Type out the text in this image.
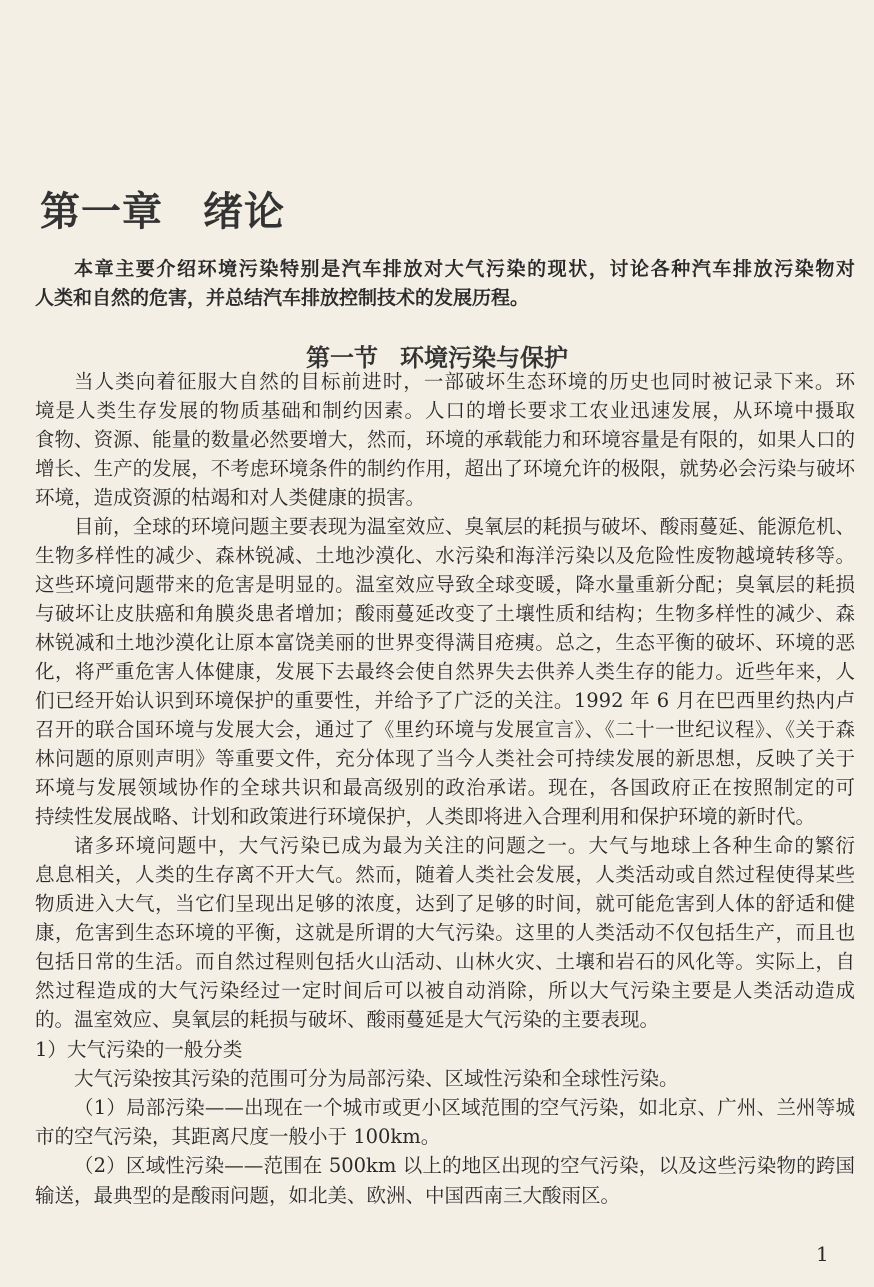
第一章 绪论
本章主要介绍环境污染特别是汽车排放对大气污染的现状，讨论各种汽车排放污染物对
人类和自然的危害，并总结汽车排放控制技术的发展历程。
第一节 环境污染与保护
当人类向着征服大自然的目标前进时，一部破坏生态环境的历史也同时被记录下来。环
境是人类生存发展的物质基础和制约因素。人口的增长要求工农业迅速发展，从环境中摄取
食物、资源、能量的数量必然要增大，然而，环境的承载能力和环境容量是有限的，如果人口的
增长、生产的发展，不考虑环境条件的制约作用，超出了环境允许的极限，就势必会污染与破坏
环境，造成资源的枯竭和对人类健康的损害。
目前，全球的环境问题主要表现为温室效应、臭氧层的耗损与破坏、酸雨蔓延、能源危机、
生物多样性的减少、森林锐减、土地沙漠化、水污染和海洋污染以及危险性废物越境转移等。
这些环境问题带来的危害是明显的。温室效应导致全球变暖，降水量重新分配；臭氧层的耗损
与破坏让皮肤癌和角膜炎患者增加；酸雨蔓延改变了土壤性质和结构；生物多样性的减少、森
林锐减和土地沙漠化让原本富饶美丽的世界变得满目疮痍。总之，生态平衡的破坏、环境的恶
化，将严重危害人体健康，发展下去最终会使自然界失去供养人类生存的能力。近些年来，人
们已经开始认识到环境保护的重要性，并给予了广泛的关注。1992 年 6 月在巴西里约热内卢
召开的联合国环境与发展大会，通过了《里约环境与发展宣言》、《二十一世纪议程》、《关于森
林问题的原则声明》等重要文件，充分体现了当今人类社会可持续发展的新思想，反映了关于
环境与发展领域协作的全球共识和最高级别的政治承诺。现在，各国政府正在按照制定的可
持续性发展战略、计划和政策进行环境保护，人类即将进入合理利用和保护环境的新时代。
诸多环境问题中，大气污染已成为最为关注的问题之一。大气与地球上各种生命的繁衍
息息相关，人类的生存离不开大气。然而，随着人类社会发展，人类活动或自然过程使得某些
物质进入大气，当它们呈现出足够的浓度，达到了足够的时间，就可能危害到人体的舒适和健
康，危害到生态环境的平衡，这就是所谓的大气污染。这里的人类活动不仅包括生产，而且也
包括日常的生活。而自然过程则包括火山活动、山林火灾、土壤和岩石的风化等。实际上，自
然过程造成的大气污染经过一定时间后可以被自动消除，所以大气污染主要是人类活动造成
的。温室效应、臭氧层的耗损与破坏、酸雨蔓延是大气污染的主要表现。
1）大气污染的一般分类
大气污染按其污染的范围可分为局部污染、区域性污染和全球性污染。
（1）局部污染——出现在一个城市或更小区域范围的空气污染，如北京、广州、兰州等城
市的空气污染，其距离尺度一般小于 100km。
（2）区域性污染——范围在 500km 以上的地区出现的空气污染，以及这些污染物的跨国
输送，最典型的是酸雨问题，如北美、欧洲、中国西南三大酸雨区。
1
